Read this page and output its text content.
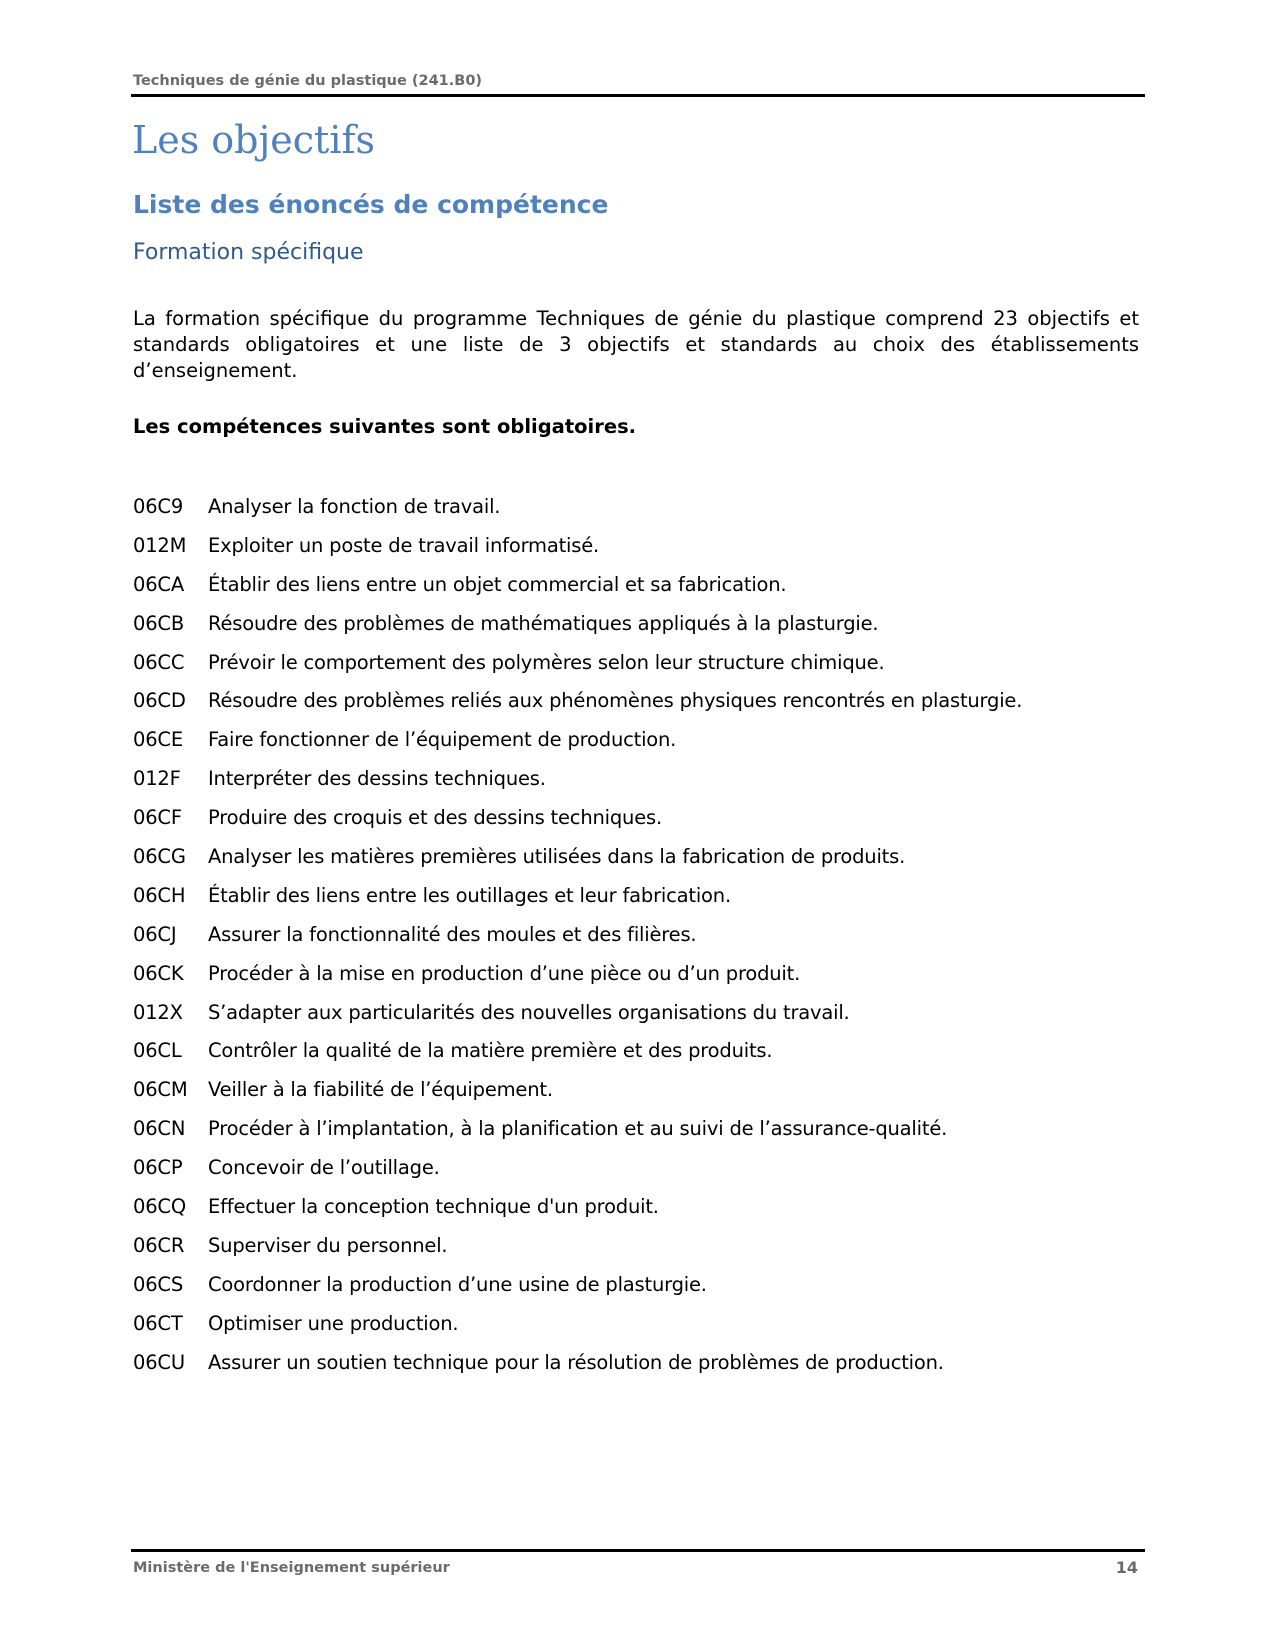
Techniques de génie du plastique (241.B0)
Les objectifs
Liste des énoncés de compétence
Formation spécifique

La formation spécifique du programme Techniques de génie du plastique comprend 23 objectifs et standards obligatoires et une liste de 3 objectifs et standards au choix des établissements d’enseignement.

Les compétences suivantes sont obligatoires.

06C9	Analyser la fonction de travail.
012M	Exploiter un poste de travail informatisé.
06CA	Établir des liens entre un objet commercial et sa fabrication.
06CB	Résoudre des problèmes de mathématiques appliqués à la plasturgie.
06CC	Prévoir le comportement des polymères selon leur structure chimique.
06CD	Résoudre des problèmes reliés aux phénomènes physiques rencontrés en plasturgie.
06CE	Faire fonctionner de l’équipement de production.
012F	Interpréter des dessins techniques.
06CF	Produire des croquis et des dessins techniques.
06CG	Analyser les matières premières utilisées dans la fabrication de produits.
06CH	Établir des liens entre les outillages et leur fabrication.
06CJ	Assurer la fonctionnalité des moules et des filières.
06CK	Procéder à la mise en production d’une pièce ou d’un produit.
012X	S’adapter aux particularités des nouvelles organisations du travail.
06CL	Contrôler la qualité de la matière première et des produits.
06CM	Veiller à la fiabilité de l’équipement.
06CN	Procéder à l’implantation, à la planification et au suivi de l’assurance-qualité.
06CP	Concevoir de l’outillage.
06CQ	Effectuer la conception technique d'un produit.
06CR	Superviser du personnel.
06CS	Coordonner la production d’une usine de plasturgie.
06CT	Optimiser une production.
06CU	Assurer un soutien technique pour la résolution de problèmes de production.
Ministère de l'Enseignement supérieur	14
